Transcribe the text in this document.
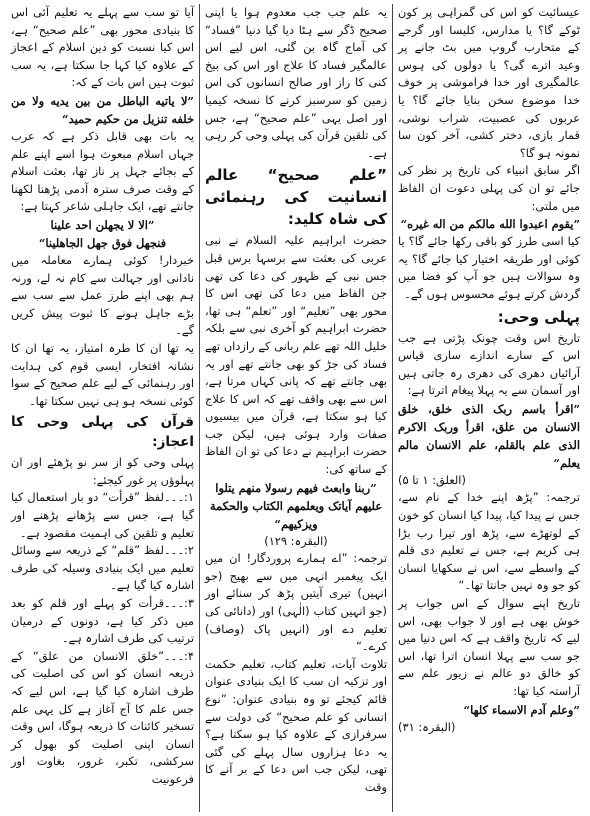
عیسائیت کو اس کی گمراہی پر کون ٹوکے گا؟ یا مدارس، کلیسا اور گرجے کے متحارب گروپ میں بٹ جانے پر وعید اترے گی؟ یا دولوں کی ہوس عالمگیری اور خدا فراموشی پر خوف خدا موضوع سخن بنایا جائے گا؟ یا عربوں کی عصبیت، شراب نوشی، قمار بازی، دختر کشی، آخر کون سا نمونہ ہو گا؟

اگر سابق انبیاء کی تاریخ پر نظر کی جائے تو ان کی پہلی دعوت ان الفاظ میں ملتی:

”یقوم اعبدوا الله مالکم من اله غیره“

کیا اسی طرز کو باقی رکھا جائے گا؟ یا کوئی اور طریقہ اختیار کیا جائے گا؟ یہ وہ سوالات ہیں جو آپ کو فضا میں گردش کرتے ہوئے محسوس ہوں گے۔

پہلی وحی:

تاریخ اس وقت چونک پڑتی ہے جب اس کے سارے اندازے ساری قیاس آرائیاں دھری کی دھری رہ جاتی ہیں اور آسمان سے یہ پہلا پیغام اترتا ہے:

”اقرأ باسم ربک الذی خلق، خلق الانسان من علق، اقرأ وربک الاکرم الذی علم بالقلم، علم الانسان مالم یعلم“

(العلق: ۱ تا ۵)

ترجمہ: ”پڑھ اپنے خدا کے نام سے، جس نے پیدا کیا، پیدا کیا انسان کو خون کے لوتھڑے سے، پڑھ اور تیرا رب بڑا ہی کریم ہے، جس نے تعلیم دی قلم کے واسطے سے، اس نے سکھایا انسان کو جو وہ نہیں جانتا تھا۔“

تاریخ اپنے سوال کے اس جواب پر خوش بھی ہے اور لا جواب بھی، اس لیے کہ تاریخ واقف ہے کہ اس دنیا میں جو سب سے پہلا انسان اترا تھا، اس کو خالق دو عالم نے زیور علم سے آراستہ کیا تھا:

”وعلم آدم الاسماء کلها“

(البقرہ: ۳۱)

یہ علم جب جب معدوم ہوا یا اپنی صحیح ڈگر سے ہٹا دیا گیا دنیا ”فساد“ کی آماج گاہ بن گئی، اس لیے اس عالمگیر فساد کا علاج اور اس کی بیخ کنی کا راز اور صالح انسانوں کی اس زمین کو سرسبز کرنے کا نسخہ کیمیا اور اصل یہی ”علم صحیح“ ہے، جس کی تلقین قرآن کی پہلی وحی کر رہی ہے۔

”علم صحیح“ عالم انسانیت کی رہنمائی کی شاہ کلید:

حضرت ابراہیم علیہ السلام نے نبی عربی کی بعثت سے برسہا برس قبل جس نبی کے ظہور کی دعا کی تھی جن الفاظ میں دعا کی تھی اس کا محور بھی ”تعلیم“ اور ”تعلم“ ہی تھا، حضرت ابراہیم کو آخری نبی سے بلکہ خلیل اللہ تھے علم ربانی کے رازداں تھے فساد کی جڑ کو بھی جانتے تھے اور یہ بھی جانتے تھے کہ پانی کہاں مرتا ہے، اس سے بھی واقف تھے کہ اس کا علاج کیا ہو سکتا ہے، قرآن میں بیسیوں صفات وارد ہوئی ہیں، لیکن جب حضرت ابراہیم نے دعا کی تو ان الفاظ کے ساتھ کی:

”ربنا وابعث فیهم رسولا منهم یتلوا علیهم آیاتک ویعلمهم الکتاب والحکمة ویزکیهم“

(البقرہ: ۱۲۹)

ترجمہ: ”اے ہمارے پروردگار! ان میں ایک پیغمبر انہی میں سے بھیج (جو انہیں) تیری آیتیں پڑھ کر سنائے اور (جو انہیں کتاب (الٰہی) اور (دانائی کی تعلیم دے اور (انہیں پاک (وصاف) کرے۔“

تلاوت آیات، تعلیم کتاب، تعلیم حکمت اور تزکیہ ان سب کا ایک بنیادی عنوان قائم کیجئے تو وہ بنیادی عنوان: ”نوع انسانی کو علم صحیح“ کی دولت سے سرفرازی کے علاوہ کیا ہو سکتا ہے؟ یہ دعا ہزاروں سال پہلے کی گئی تھی، لیکن جب اس دعا کے بر آنے کا وقت

آیا تو سب سے پہلے یہ تعلیم آئی اس کا بنیادی محور بھی ”علم صحیح“ ہے، اس کیا نسبت کو دین اسلام کے اعجاز کے علاوہ کیا کہا جا سکتا ہے، یہ سب ثبوت ہیں اس بات کے کہ:

”لا یاتیه الباطل من بین یدیه ولا من خلفه تنزیل من حکیم حمید“

یہ بات بھی قابل ذکر ہے کہ عرب جہاں اسلام مبعوث ہوا اسے اپنے علم کے بجائے جہل پر ناز تھا، بعثت اسلام کے وقت صرف سترہ آدمی پڑھنا لکھنا جانتے تھے، ایک جاہلی شاعر کہتا ہے:

”الا لا یجهلن احد علینا

فنجهل فوق جهل الجاهلینا“

خبردار! کوئی ہمارے معاملہ میں نادانی اور جہالت سے کام نہ لے، ورنہ ہم بھی اپنے طرز عمل سے سب سے بڑے جاہل ہونے کا ثبوت پیش کریں گے۔

یہ تھا ان کا طرہ امتیاز، یہ تھا ان کا نشانہ افتخار، ایسی قوم کی ہدایت اور رہنمائی کے لیے علم صحیح کے سوا کوئی نسخہ ہو ہی نہیں سکتا تھا۔

قرآن کی پہلی وحی کا اعجاز:

پہلی وحی کو از سر نو پڑھئے اور ان پہلوؤں پر غور کیجئے:

۱:۔۔۔لفظ ”قرأت“ دو بار استعمال کیا گیا ہے، جس سے پڑھانے پڑھنے اور تعلیم و تلقین کی اہمیت مقصود ہے۔

۲:۔۔۔لفظ ”قلم“ کے ذریعہ سے وسائل تعلیم میں ایک بنیادی وسیلہ کی طرف اشارہ کیا گیا ہے۔

۳:۔۔۔قرأت کو پہلے اور قلم کو بعد میں ذکر کیا ہے، دونوں کے درمیان ترتیب کی طرف اشارہ ہے۔

۴:۔۔۔”خلق الانسان من علق“ کے ذریعہ انسان کو اس کی اصلیت کی طرف اشارہ کیا گیا ہے، اس لیے کہ جس علم کا آج آغاز ہے کل یہی علم تسخیر کائنات کا ذریعہ ہوگا، اس وقت انسان اپنی اصلیت کو بھول کر سرکشی، تکبر، غرور، بغاوت اور فرعونیت
